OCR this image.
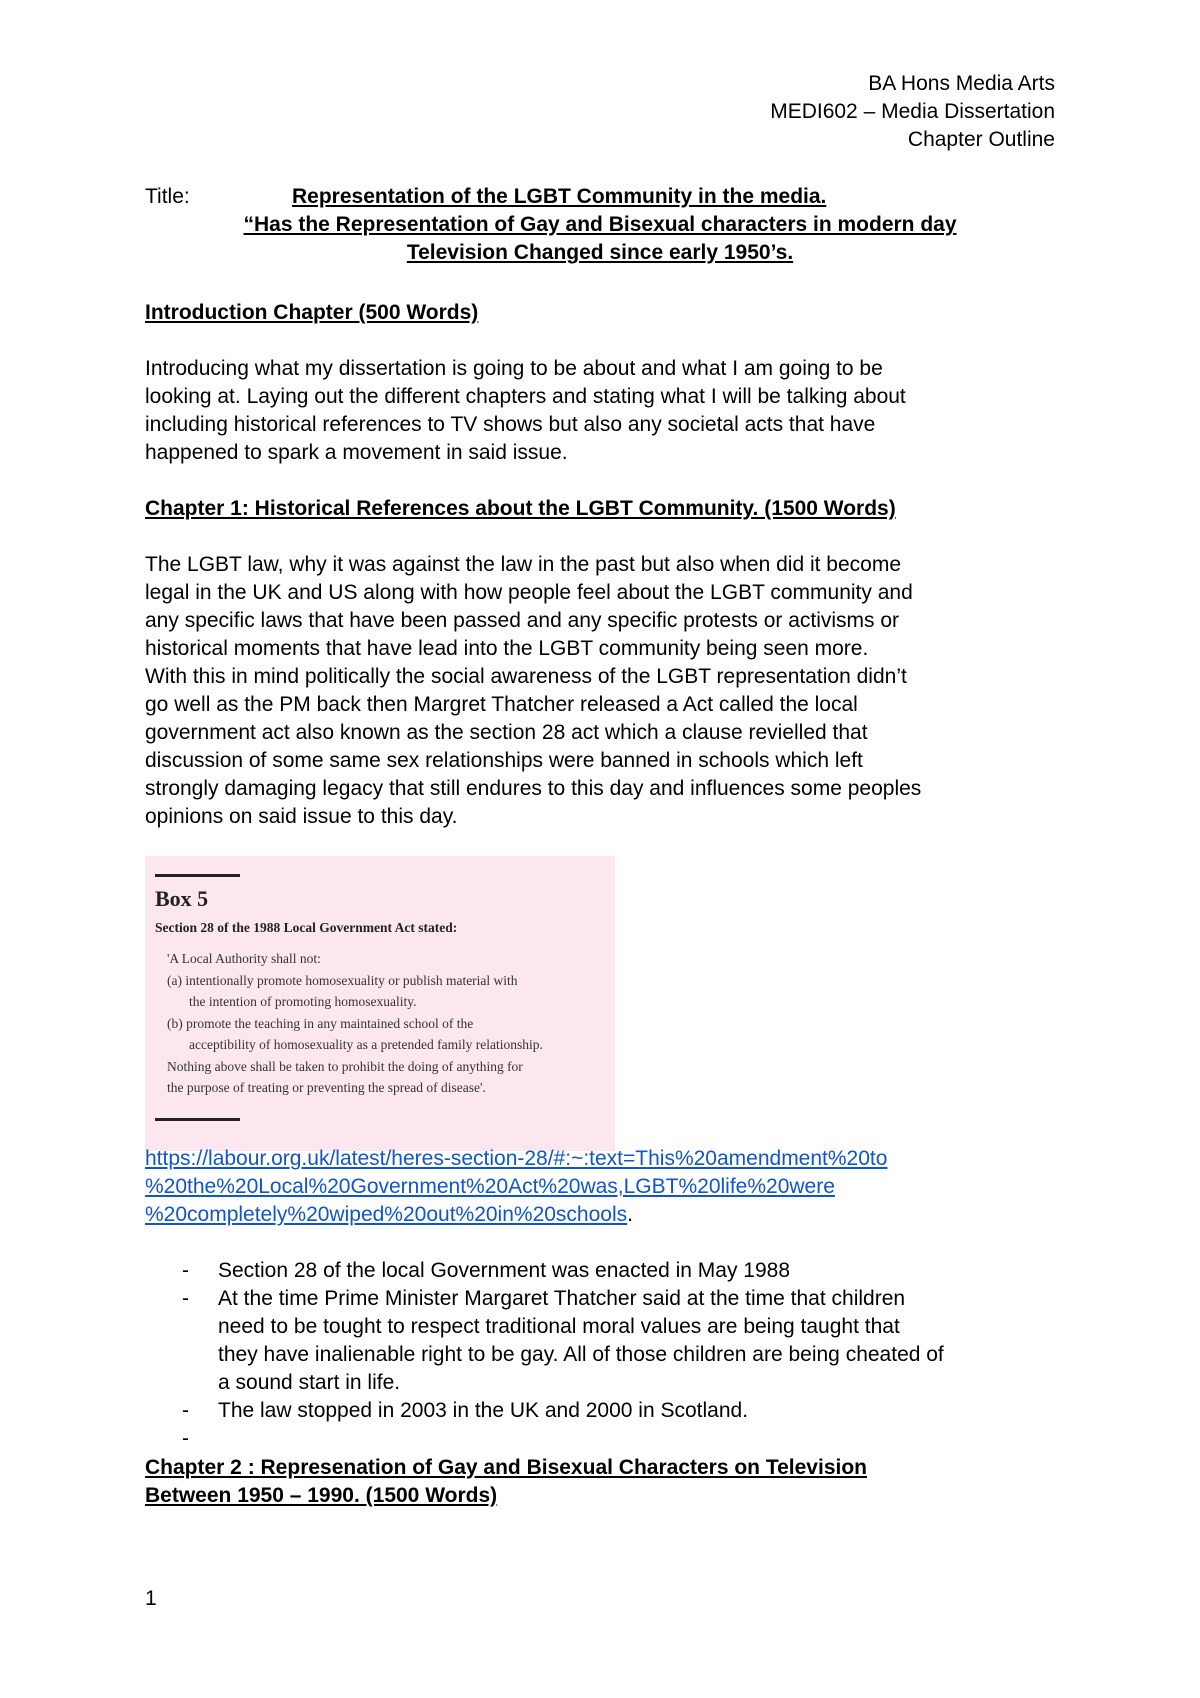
BA Hons Media Arts
MEDI602 – Media Dissertation
Chapter Outline
Title:	Representation of the LGBT Community in the media.
“Has the Representation of Gay and Bisexual characters in modern day
Television Changed since early 1950’s.
Introduction Chapter (500 Words)
Introducing what my dissertation is going to be about and what I am going to be
looking at. Laying out the different chapters and stating what I will be talking about
including historical references to TV shows but also any societal acts that have
happened to spark a movement in said issue.
Chapter 1: Historical References about the LGBT Community. (1500 Words)
The LGBT law, why it was against the law in the past but also when did it become
legal in the UK and US along with how people feel about the LGBT community and
any specific laws that have been passed and any specific protests or activisms or
historical moments that have lead into the LGBT community being seen more.
With this in mind politically the social awareness of the LGBT representation didn’t
go well as the PM back then Margret Thatcher released a Act called the local
government act also known as the section 28 act which a clause revielled that
discussion of some same sex relationships were banned in schools which left
strongly damaging legacy that still endures to this day and influences some peoples
opinions on said issue to this day.
Box 5
Section 28 of the 1988 Local Government Act stated:
'A Local Authority shall not:
(a) intentionally promote homosexuality or publish material with
the intention of promoting homosexuality.
(b) promote the teaching in any maintained school of the
acceptibility of homosexuality as a pretended family relationship.
Nothing above shall be taken to prohibit the doing of anything for
the purpose of treating or preventing the spread of disease'.
https://labour.org.uk/latest/heres-section-28/#:~:text=This%20amendment%20to
%20the%20Local%20Government%20Act%20was,LGBT%20life%20were
%20completely%20wiped%20out%20in%20schools.
- Section 28 of the local Government was enacted in May 1988
- At the time Prime Minister Margaret Thatcher said at the time that children
need to be tought to respect traditional moral values are being taught that
they have inalienable right to be gay. All of those children are being cheated of
a sound start in life.
- The law stopped in 2003 in the UK and 2000 in Scotland.
-
Chapter 2 : Represenation of Gay and Bisexual Characters on Television
Between 1950 – 1990. (1500 Words)
1
